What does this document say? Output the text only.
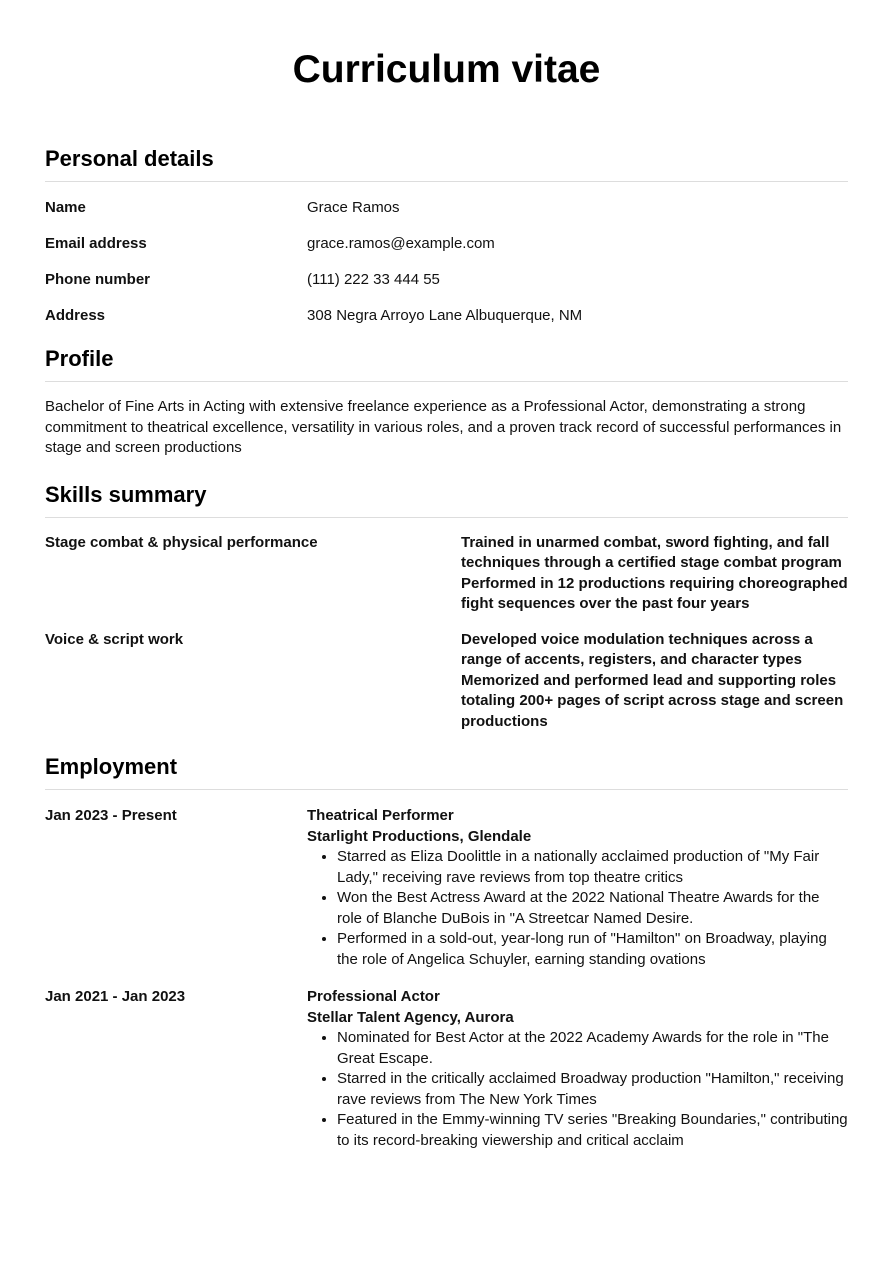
Curriculum vitae
Personal details
Name	Grace Ramos
Email address	grace.ramos@example.com
Phone number	(111) 222 33 444 55
Address	308 Negra Arroyo Lane Albuquerque, NM
Profile

Bachelor of Fine Arts in Acting with extensive freelance experience as a Professional Actor, demonstrating a strong commitment to theatrical excellence, versatility in various roles, and a proven track record of successful performances in stage and screen productions

Skills summary
Stage combat & physical performance	Trained in unarmed combat, sword fighting, and fall techniques through a certified stage combat program
Performed in 12 productions requiring choreographed fight sequences over the past four years
Voice & script work	Developed voice modulation techniques across a range of accents, registers, and character types
Memorized and performed lead and supporting roles totaling 200+ pages of script across stage and screen productions
Employment
Jan 2023 - Present	Theatrical Performer
Starlight Productions, Glendale
• Starred as Eliza Doolittle in a nationally acclaimed production of "My Fair Lady," receiving rave reviews from top theatre critics
• Won the Best Actress Award at the 2022 National Theatre Awards for the role of Blanche DuBois in "A Streetcar Named Desire.
• Performed in a sold-out, year-long run of "Hamilton" on Broadway, playing the role of Angelica Schuyler, earning standing ovations
Jan 2021 - Jan 2023	Professional Actor
Stellar Talent Agency, Aurora
• Nominated for Best Actor at the 2022 Academy Awards for the role in "The Great Escape.
• Starred in the critically acclaimed Broadway production "Hamilton," receiving rave reviews from The New York Times
• Featured in the Emmy-winning TV series "Breaking Boundaries," contributing to its record-breaking viewership and critical acclaim
